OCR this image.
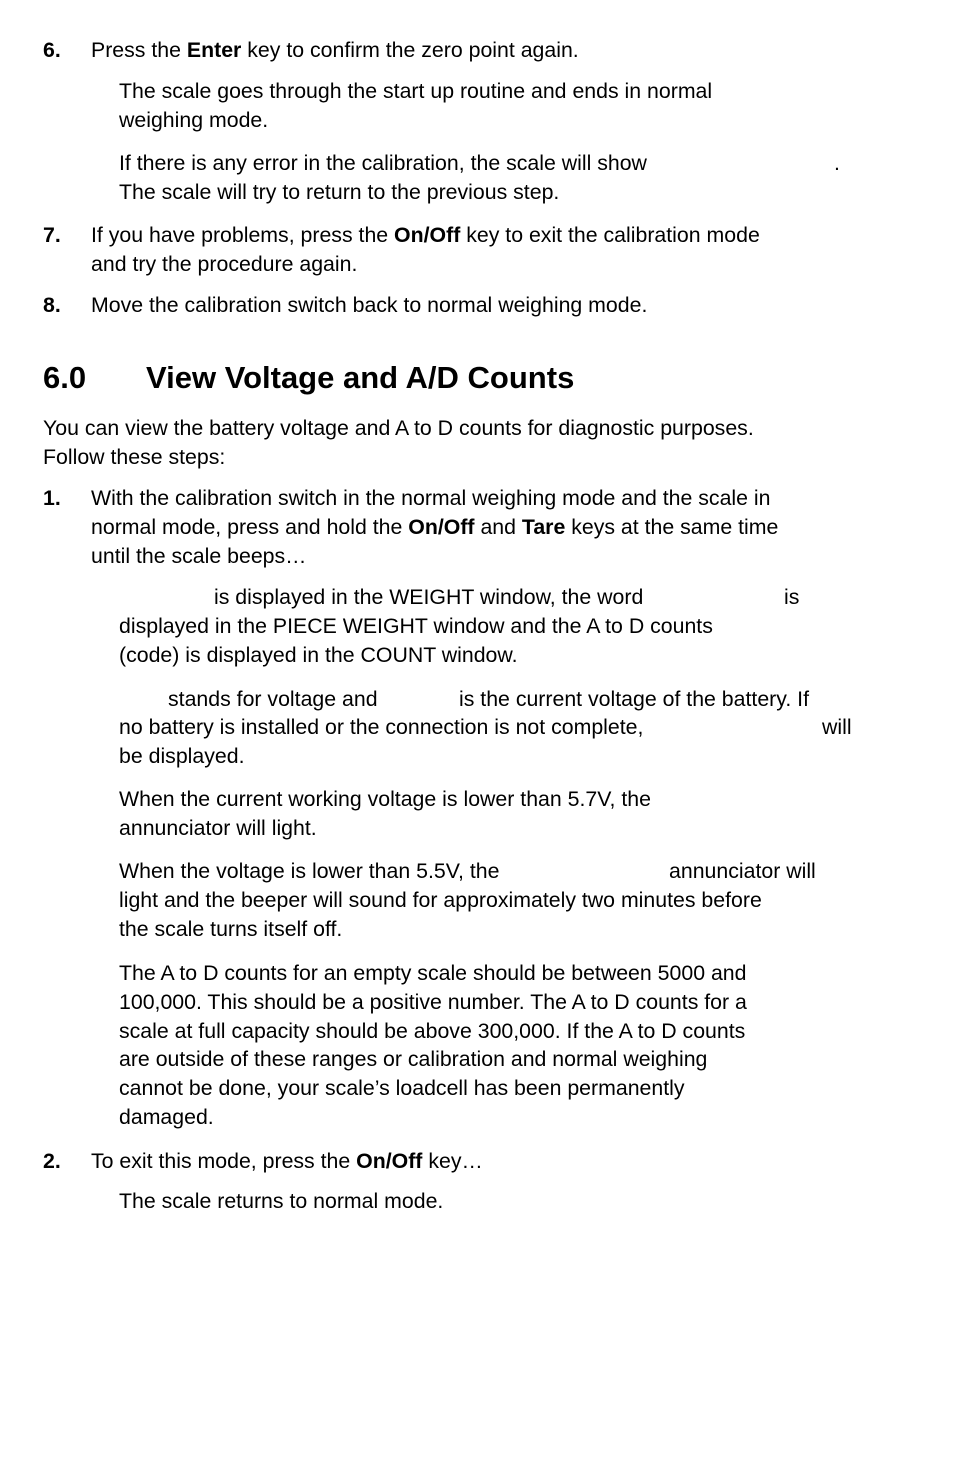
6. Press the Enter key to confirm the zero point again.
The scale goes through the start up routine and ends in normal
weighing mode.
If there is any error in the calibration, the scale will show	.
The scale will try to return to the previous step.
7. If you have problems, press the On/Off key to exit the calibration mode
and try the procedure again.
8. Move the calibration switch back to normal weighing mode.
6.0 View Voltage and A/D Counts
You can view the battery voltage and A to D counts for diagnostic purposes.
Follow these steps:
1. With the calibration switch in the normal weighing mode and the scale in
normal mode, press and hold the On/Off and Tare keys at the same time
until the scale beeps…
is displayed in the WEIGHT window, the word	is
displayed in the PIECE WEIGHT window and the A to D counts
(code) is displayed in the COUNT window.
stands for voltage and	is the current voltage of the battery. If
no battery is installed or the connection is not complete,	will
be displayed.
When the current working voltage is lower than 5.7V, the
annunciator will light.
When the voltage is lower than 5.5V, the	annunciator will
light and the beeper will sound for approximately two minutes before
the scale turns itself off.
The A to D counts for an empty scale should be between 5000 and
100,000. This should be a positive number. The A to D counts for a
scale at full capacity should be above 300,000. If the A to D counts
are outside of these ranges or calibration and normal weighing
cannot be done, your scale’s loadcell has been permanently
damaged.
2. To exit this mode, press the On/Off key…
The scale returns to normal mode.
